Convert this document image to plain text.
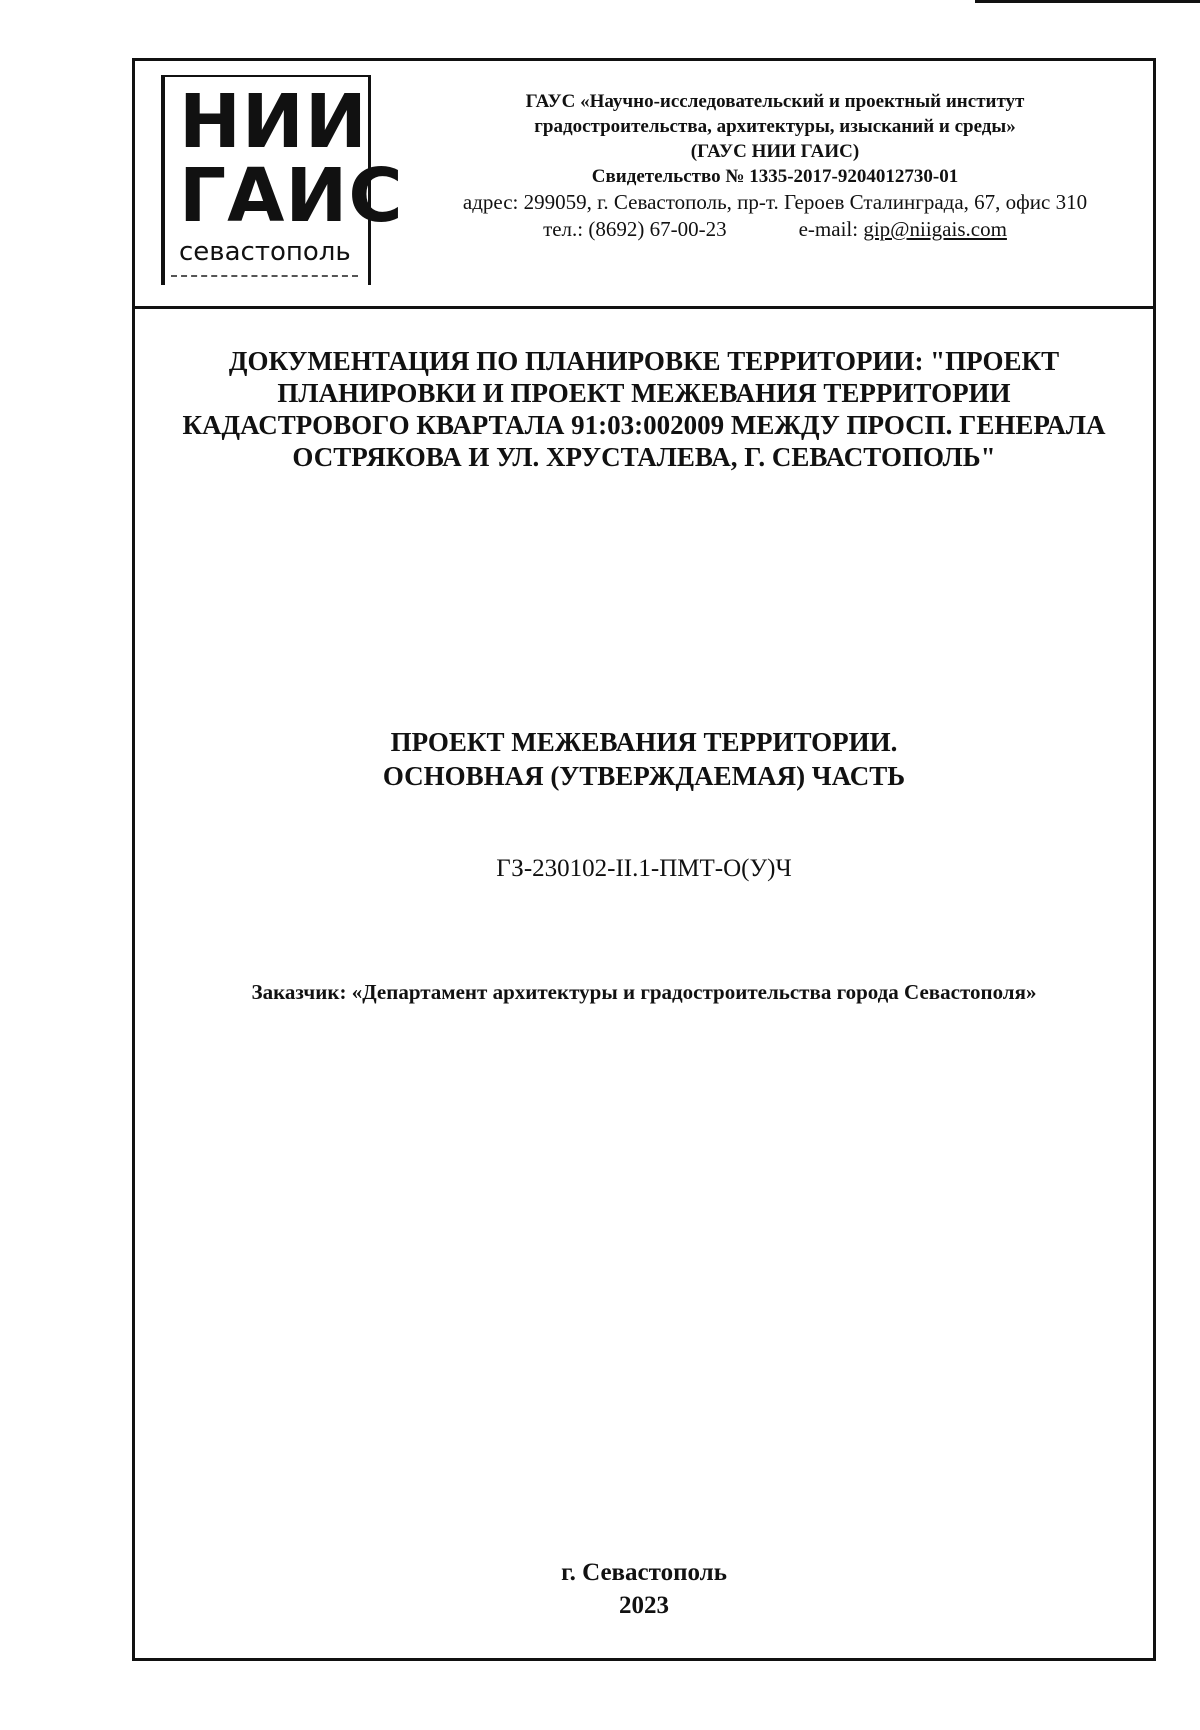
НИИ
ГАИС
севастополь
ГАУС «Научно-исследовательский и проектный институт
градостроительства, архитектуры, изысканий и среды»
(ГАУС НИИ ГАИС)
Свидетельство № 1335-2017-9204012730-01
адрес: 299059, г. Севастополь, пр-т. Героев Сталинграда, 67, офис 310
тел.: (8692) 67-00-23	e-mail: gip@niigais.com
ДОКУМЕНТАЦИЯ ПО ПЛАНИРОВКЕ ТЕРРИТОРИИ: "ПРОЕКТ
ПЛАНИРОВКИ И ПРОЕКТ МЕЖЕВАНИЯ ТЕРРИТОРИИ
КАДАСТРОВОГО КВАРТАЛА 91:03:002009 МЕЖДУ ПРОСП. ГЕНЕРАЛА
ОСТРЯКОВА И УЛ. ХРУСТАЛЕВА, Г. СЕВАСТОПОЛЬ"
ПРОЕКТ МЕЖЕВАНИЯ ТЕРРИТОРИИ.
ОСНОВНАЯ (УТВЕРЖДАЕМАЯ) ЧАСТЬ
ГЗ-230102-II.1-ПМТ-О(У)Ч
Заказчик: «Департамент архитектуры и градостроительства города Севастополя»
г. Севастополь
2023
